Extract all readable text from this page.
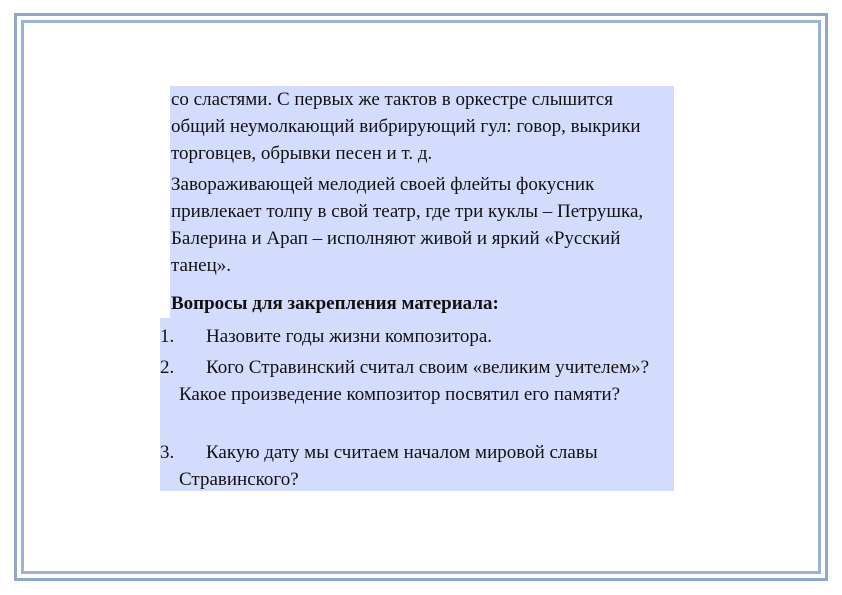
со сластями. С первых же тактов в оркестре слышится общий неумолкающий вибрирующий гул: говор, выкрики торговцев, обрывки песен и т. д.

Завораживающей мелодией своей флейты фокусник привлекает толпу в свой театр, где три куклы – Петрушка, Балерина и Арап – исполняют живой и яркий «Русский танец».

Вопросы для закрепления материала:

1.	Назовите годы жизни композитора.
2.	Кого Стравинский считал своим «великим учителем»? Какое произведение композитор посвятил его памяти?
3.	Какую дату мы считаем началом мировой славы Стравинского?
